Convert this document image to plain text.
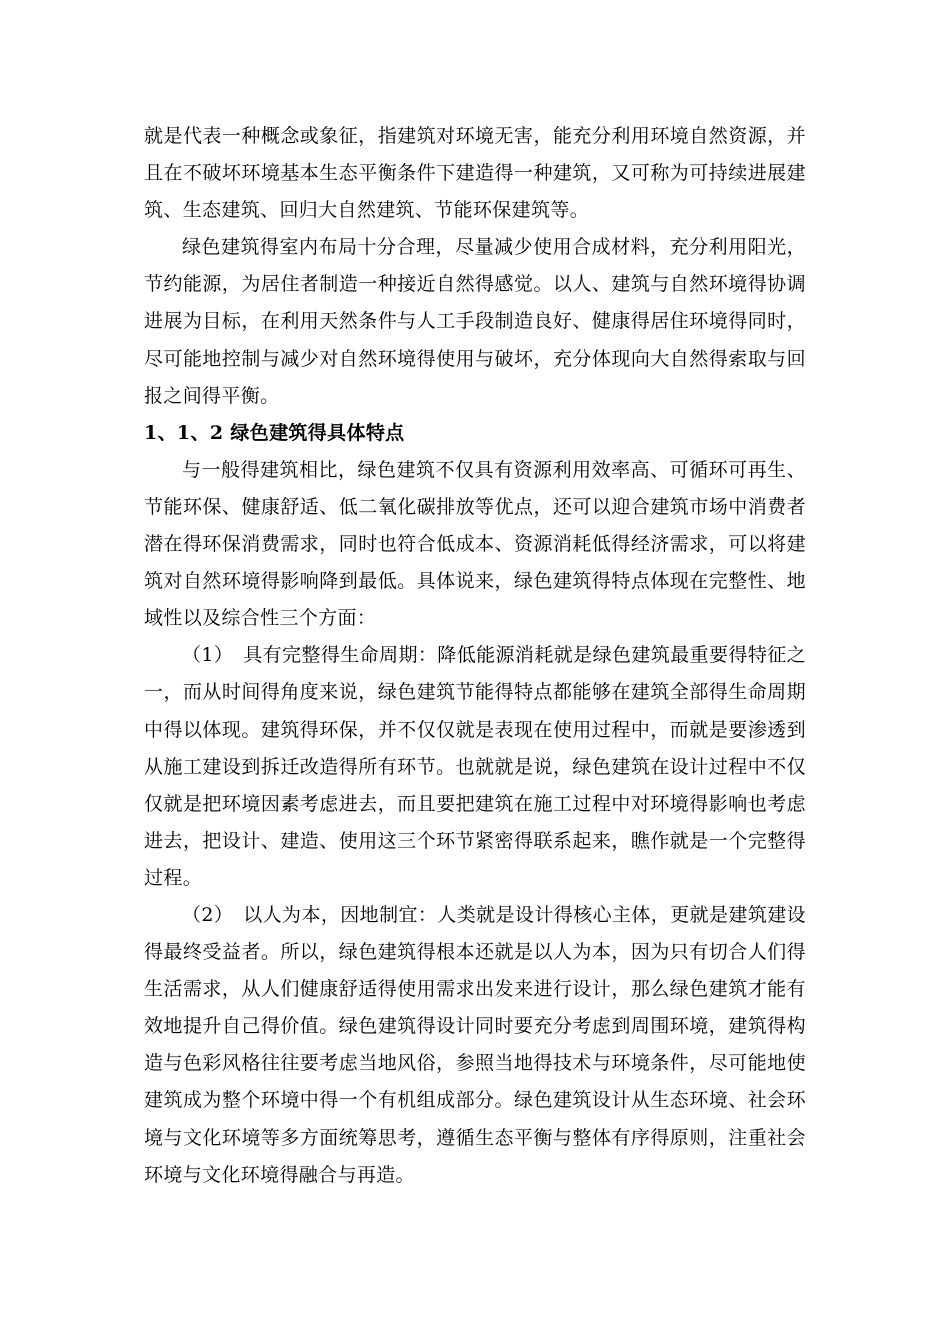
就是代表一种概念或象征，指建筑对环境无害，能充分利用环境自然资源，并且在不破坏环境基本生态平衡条件下建造得一种建筑，又可称为可持续进展建筑、生态建筑、回归大自然建筑、节能环保建筑等。

绿色建筑得室内布局十分合理，尽量减少使用合成材料，充分利用阳光，节约能源，为居住者制造一种接近自然得感觉。以人、建筑与自然环境得协调进展为目标，在利用天然条件与人工手段制造良好、健康得居住环境得同时，尽可能地控制与减少对自然环境得使用与破坏，充分体现向大自然得索取与回报之间得平衡。

1、1、2 绿色建筑得具体特点

与一般得建筑相比，绿色建筑不仅具有资源利用效率高、可循环可再生、节能环保、健康舒适、低二氧化碳排放等优点，还可以迎合建筑市场中消费者潜在得环保消费需求，同时也符合低成本、资源消耗低得经济需求，可以将建筑对自然环境得影响降到最低。具体说来，绿色建筑得特点体现在完整性、地域性以及综合性三个方面：

（1）　具有完整得生命周期：降低能源消耗就是绿色建筑最重要得特征之一，而从时间得角度来说，绿色建筑节能得特点都能够在建筑全部得生命周期中得以体现。建筑得环保，并不仅仅就是表现在使用过程中，而就是要渗透到从施工建设到拆迁改造得所有环节。也就就是说，绿色建筑在设计过程中不仅仅就是把环境因素考虑进去，而且要把建筑在施工过程中对环境得影响也考虑进去，把设计、建造、使用这三个环节紧密得联系起来，瞧作就是一个完整得过程。

（2）　以人为本，因地制宜：人类就是设计得核心主体，更就是建筑建设得最终受益者。所以，绿色建筑得根本还就是以人为本，因为只有切合人们得生活需求，从人们健康舒适得使用需求出发来进行设计，那么绿色建筑才能有效地提升自己得价值。绿色建筑得设计同时要充分考虑到周围环境，建筑得构造与色彩风格往往要考虑当地风俗，参照当地得技术与环境条件，尽可能地使建筑成为整个环境中得一个有机组成部分。绿色建筑设计从生态环境、社会环境与文化环境等多方面统筹思考，遵循生态平衡与整体有序得原则，注重社会环境与文化环境得融合与再造。
